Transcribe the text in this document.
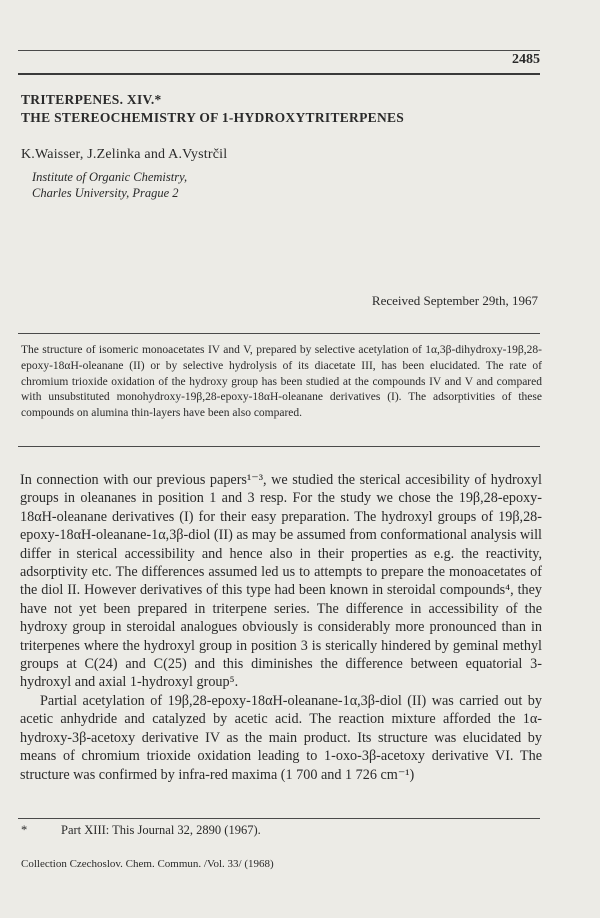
2485
TRITERPENES. XIV.*
THE STEREOCHEMISTRY OF 1-HYDROXYTRITERPENES
K.Waisser, J.Zelinka and A.Vystrčil
Institute of Organic Chemistry,
Charles University, Prague 2
Received September 29th, 1967
The structure of isomeric monoacetates IV and V, prepared by selective acetylation of 1α,3β-dihydroxy-19β,28-epoxy-18αH-oleanane (II) or by selective hydrolysis of its diacetate III, has been elucidated. The rate of chromium trioxide oxidation of the hydroxy group has been studied at the compounds IV and V and compared with unsubstituted monohydroxy-19β,28-epoxy-18αH-oleanane derivatives (I). The adsorptivities of these compounds on alumina thin-layers have been also compared.

In connection with our previous papers¹⁻³, we studied the sterical accesibility of hydroxyl groups in oleananes in position 1 and 3 resp. For the study we chose the 19β,28-epoxy-18αH-oleanane derivatives (I) for their easy preparation. The hydroxyl groups of 19β,28-epoxy-18αH-oleanane-1α,3β-diol (II) as may be assumed from conformational analysis will differ in sterical accessibility and hence also in their properties as e.g. the reactivity, adsorptivity etc. The differences assumed led us to attempts to prepare the monoacetates of the diol II. However derivatives of this type had been known in steroidal compounds⁴, they have not yet been prepared in triterpene series. The difference in accessibility of the hydroxy group in steroidal analogues obviously is considerably more pronounced than in triterpenes where the hydroxyl group in position 3 is sterically hindered by geminal methyl groups at C(24) and C(25) and this diminishes the difference between equatorial 3-hydroxyl and axial 1-hydroxyl group⁵.

Partial acetylation of 19β,28-epoxy-18αH-oleanane-1α,3β-diol (II) was carried out by acetic anhydride and catalyzed by acetic acid. The reaction mixture afforded the 1α-hydroxy-3β-acetoxy derivative IV as the main product. Its structure was elucidated by means of chromium trioxide oxidation leading to 1-oxo-3β-acetoxy derivative VI. The structure was confirmed by infra-red maxima (1 700 and 1 726 cm⁻¹)

*	Part XIII: This Journal 32, 2890 (1967).
Collection Czechoslov. Chem. Commun. /Vol. 33/ (1968)
